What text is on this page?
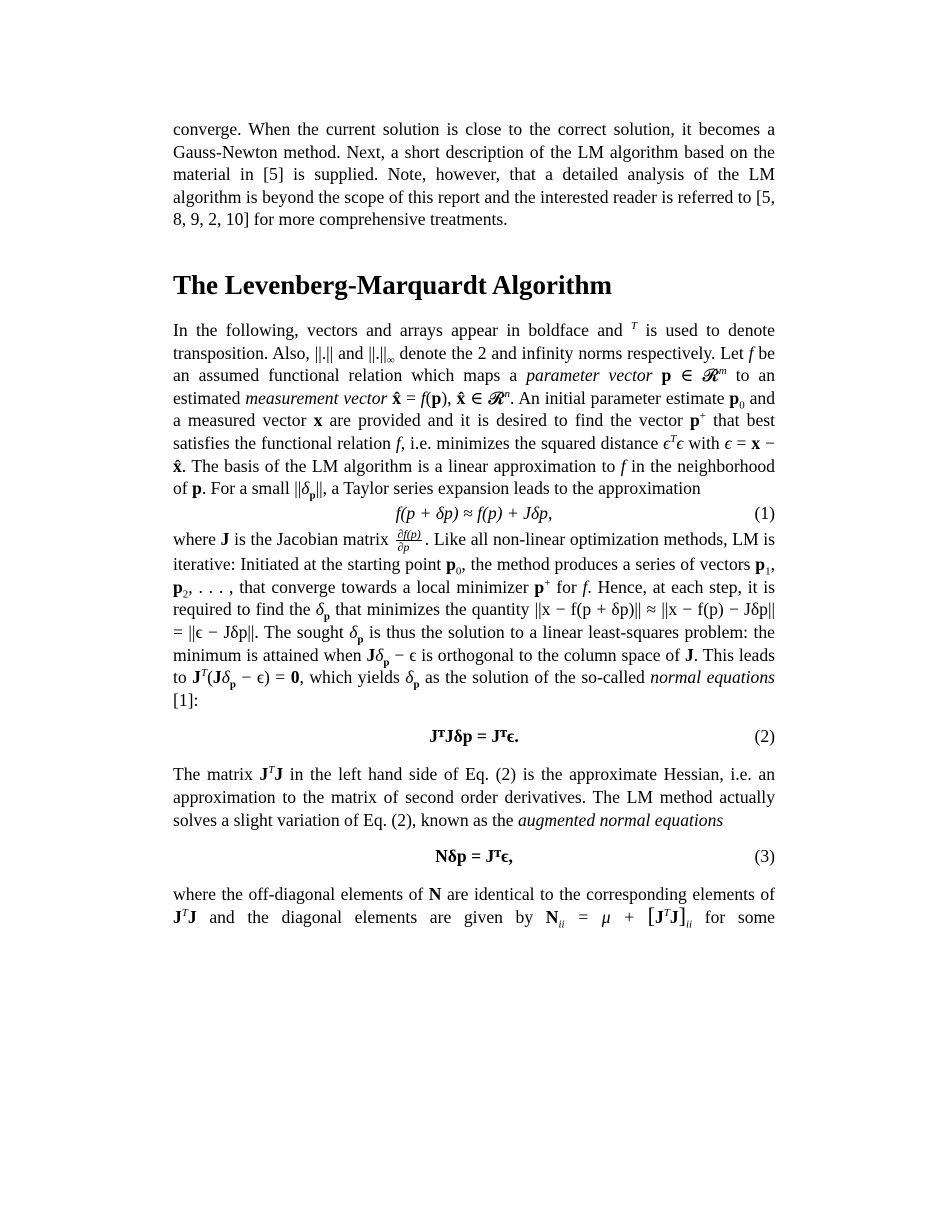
converge. When the current solution is close to the correct solution, it becomes a Gauss-Newton method. Next, a short description of the LM algorithm based on the material in [5] is supplied. Note, however, that a detailed analysis of the LM algorithm is beyond the scope of this report and the interested reader is referred to [5, 8, 9, 2, 10] for more comprehensive treatments.

The Levenberg-Marquardt Algorithm

In the following, vectors and arrays appear in boldface and $^T$ is used to denote transposition. Also, ||.|| and $||.||_\infty$ denote the 2 and infinity norms respectively. Let f be an assumed functional relation which maps a parameter vector p ∈ 𝓡$^m$ to an estimated measurement vector x̂ = f(p), x̂ ∈ 𝓡$^n$. An initial parameter estimate $p_0$ and a measured vector x are provided and it is desired to find the vector p+ that best satisfies the functional relation f, i.e. minimizes the squared distance $\epsilon^T\epsilon$ with ϵ = x − x̂. The basis of the LM algorithm is a linear approximation to f in the neighborhood of p. For a small $||\delta_p||$, a Taylor series expansion leads to the approximation

f(p + δp) ≈ f(p) + Jδp,	(1)

where J is the Jacobian matrix $\frac{\partial f(p)}{\partial p}$ . Like all non-linear optimization methods, LM is iterative: Initiated at the starting point $p_0$, the method produces a series of vectors $p_1$, $p_2$, . . . , that converge towards a local minimizer p+ for f. Hence, at each step, it is required to find the $\delta_p$ that minimizes the quantity ||x − f(p + δp)|| ≈ ||x − f(p) − Jδp|| = ||ϵ − Jδp||. The sought $\delta_p$ is thus the solution to a linear least-squares problem: the minimum is attained when $J\delta_p - \epsilon$ is orthogonal to the column space of J. This leads to $J^T(J\delta_p - \epsilon) = 0$, which yields $\delta_p$ as the solution of the so-called normal equations [1]:

JᵀJδp = Jᵀϵ.	(2)

The matrix $J^TJ$ in the left hand side of Eq. (2) is the approximate Hessian, i.e. an approximation to the matrix of second order derivatives. The LM method actually solves a slight variation of Eq. (2), known as the augmented normal equations

Nδp = Jᵀϵ,	(3)

where the off-diagonal elements of N are identical to the corresponding elements of $J^TJ$ and the diagonal elements are given by $N_{ii} = \mu + [J^TJ]_{ii}$ for some
